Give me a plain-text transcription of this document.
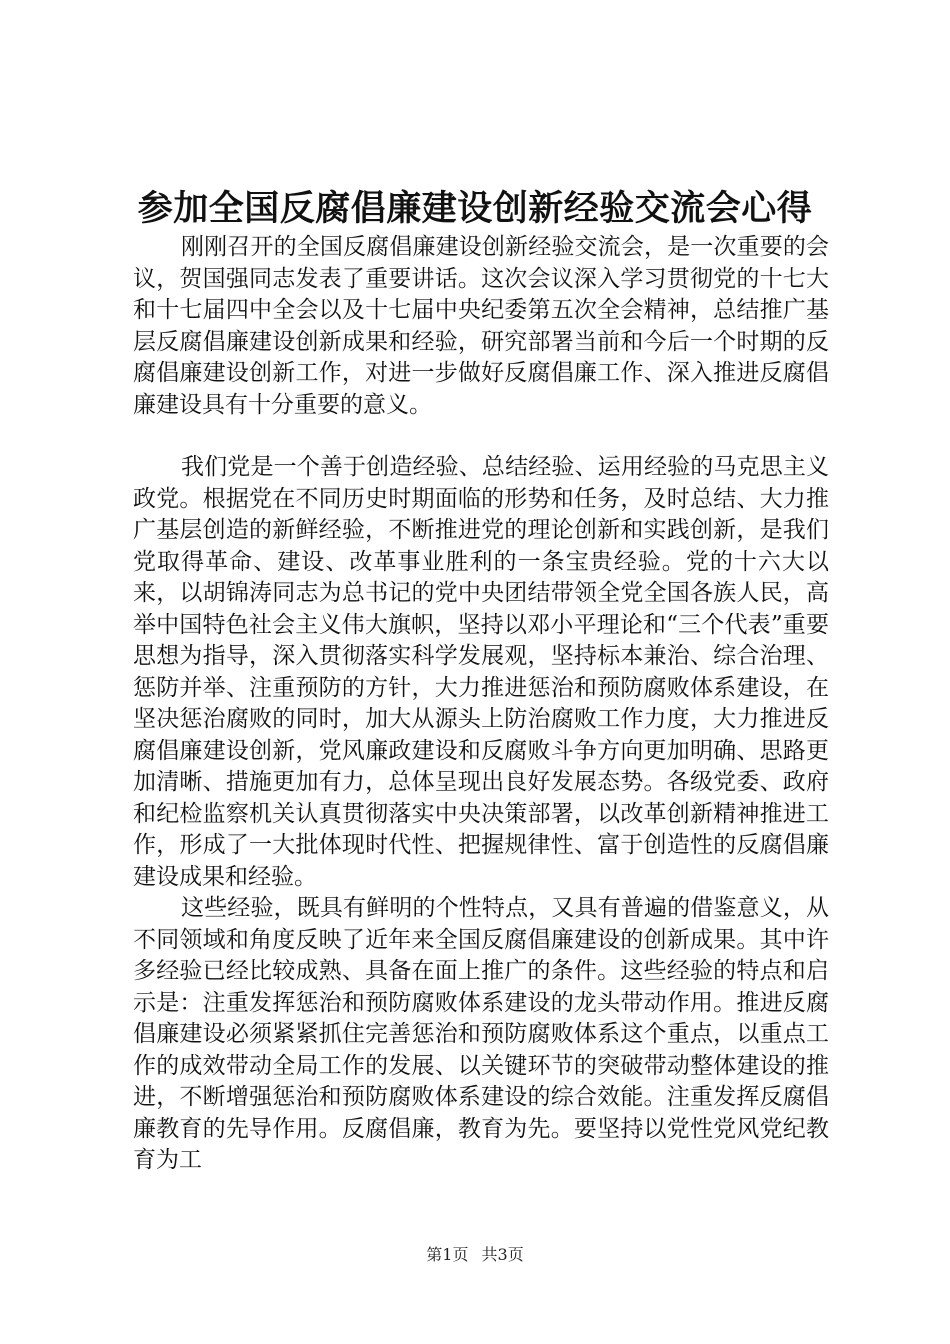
参加全国反腐倡廉建设创新经验交流会心得

刚刚召开的全国反腐倡廉建设创新经验交流会，是一次重要的会议，贺国强同志发表了重要讲话。这次会议深入学习贯彻党的十七大和十七届四中全会以及十七届中央纪委第五次全会精神，总结推广基层反腐倡廉建设创新成果和经验，研究部署当前和今后一个时期的反腐倡廉建设创新工作，对进一步做好反腐倡廉工作、深入推进反腐倡廉建设具有十分重要的意义。

我们党是一个善于创造经验、总结经验、运用经验的马克思主义政党。根据党在不同历史时期面临的形势和任务，及时总结、大力推广基层创造的新鲜经验，不断推进党的理论创新和实践创新，是我们党取得革命、建设、改革事业胜利的一条宝贵经验。党的十六大以来，以胡锦涛同志为总书记的党中央团结带领全党全国各族人民，高举中国特色社会主义伟大旗帜，坚持以邓小平理论和“三个代表”重要思想为指导，深入贯彻落实科学发展观，坚持标本兼治、综合治理、惩防并举、注重预防的方针，大力推进惩治和预防腐败体系建设，在坚决惩治腐败的同时，加大从源头上防治腐败工作力度，大力推进反腐倡廉建设创新，党风廉政建设和反腐败斗争方向更加明确、思路更加清晰、措施更加有力，总体呈现出良好发展态势。各级党委、政府和纪检监察机关认真贯彻落实中央决策部署，以改革创新精神推进工作，形成了一大批体现时代性、把握规律性、富于创造性的反腐倡廉建设成果和经验。

这些经验，既具有鲜明的个性特点，又具有普遍的借鉴意义，从不同领域和角度反映了近年来全国反腐倡廉建设的创新成果。其中许多经验已经比较成熟、具备在面上推广的条件。这些经验的特点和启示是：注重发挥惩治和预防腐败体系建设的龙头带动作用。推进反腐倡廉建设必须紧紧抓住完善惩治和预防腐败体系这个重点，以重点工作的成效带动全局工作的发展、以关键环节的突破带动整体建设的推进，不断增强惩治和预防腐败体系建设的综合效能。注重发挥反腐倡廉教育的先导作用。反腐倡廉，教育为先。要坚持以党性党风党纪教育为工

第1页 共3页
